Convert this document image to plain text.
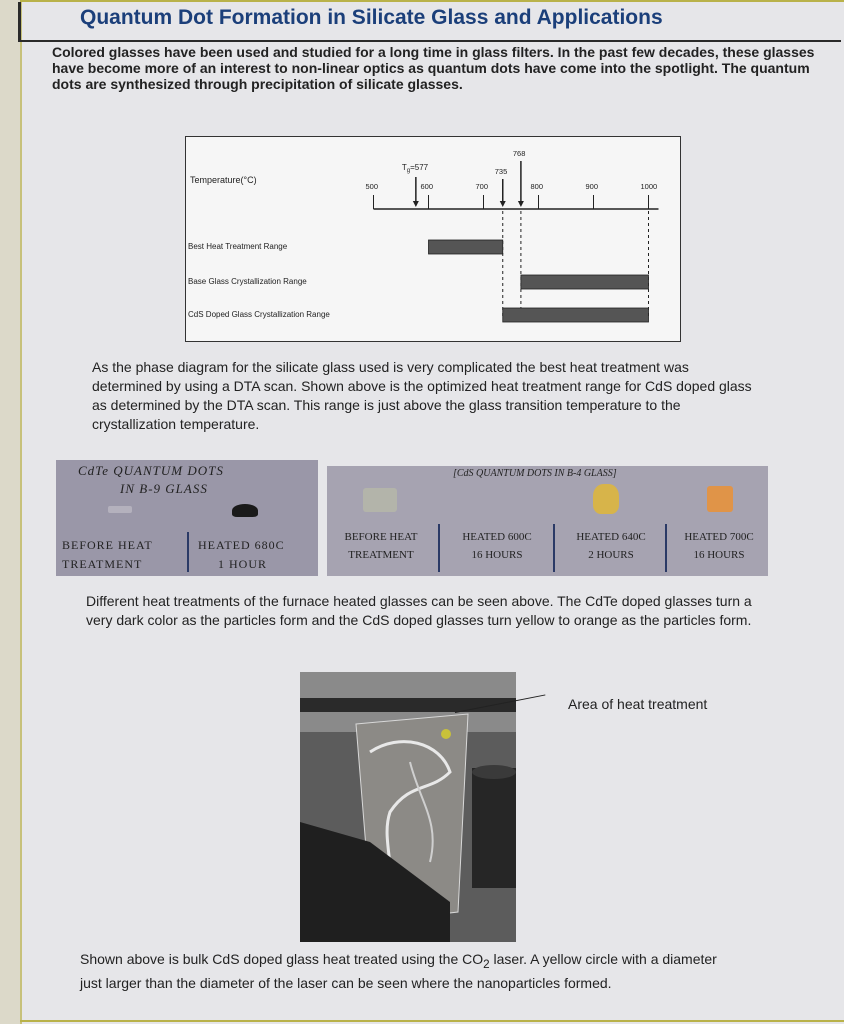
Quantum Dot Formation in Silicate Glass and Applications

Colored glasses have been used and studied for a long time in glass filters. In the past few decades, these glasses have become more of an interest to non-linear optics as quantum dots have come into the spotlight. The quantum dots are synthesized through precipitation of silicate glasses.

Temperature(°C)
500	600	700	800	900	1000
$T_g=577$	735
768
Best Heat Treatment Range
Base Glass Crystallization Range
CdS Doped Glass Crystallization Range

As the phase diagram for the silicate glass used is very complicated the best heat treatment was determined by using a DTA scan. Shown above is the optimized heat treatment range for CdS doped glass as determined by the DTA scan. This range is just above the glass transition temperature to the crystallization temperature.

CdTe QUANTUM DOTS
IN B-9 GLASS
BEFORE HEAT
TREATMENT
HEATED 680C
1 HOUR
[CdS QUANTUM DOTS IN B-4 GLASS]
BEFORE HEAT
TREATMENT
HEATED 600C
16 HOURS
HEATED 640C
2 HOURS
HEATED 700C
16 HOURS

Different heat treatments of the furnace heated glasses can be seen above. The CdTe doped glasses turn a very dark color as the particles form and the CdS doped glasses turn yellow to orange as the particles form.

Area of heat treatment

Shown above is bulk CdS doped glass heat treated using the $CO_2$ laser. A yellow circle with a diameter just larger than the diameter of the laser can be seen where the nanoparticles formed.
